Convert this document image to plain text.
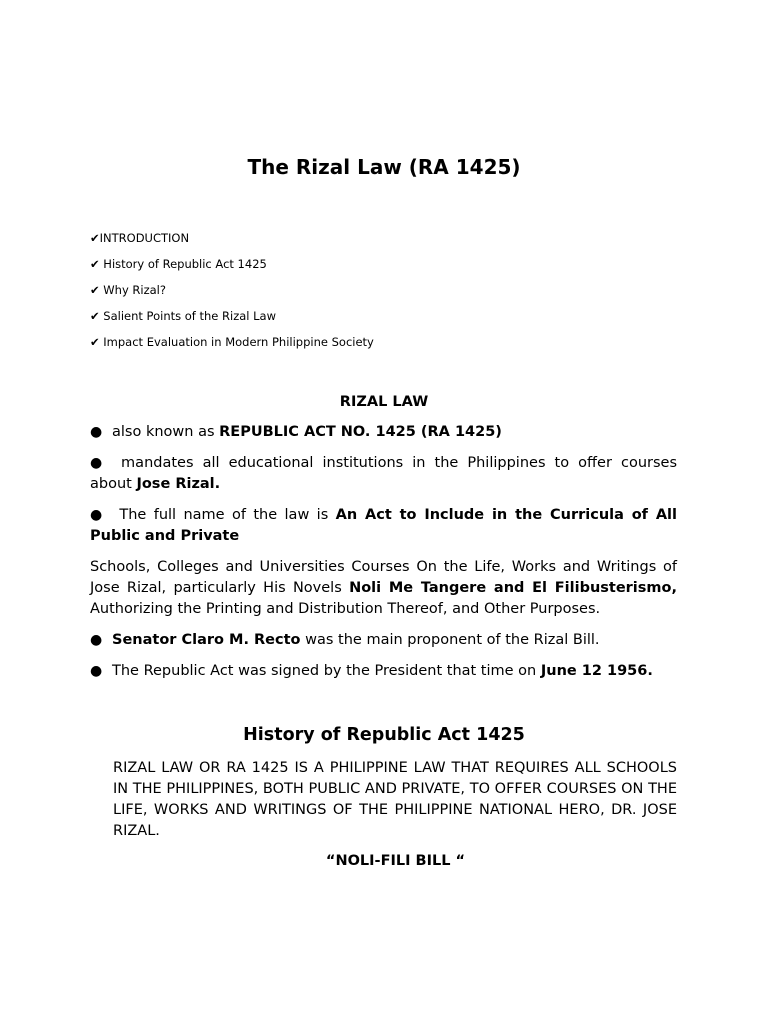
The Rizal Law (RA 1425)
✔INTRODUCTION
✔ History of Republic Act 1425
✔ Why Rizal?
✔ Salient Points of the Rizal Law
✔ Impact Evaluation in Modern Philippine Society
RIZAL LAW
● also known as REPUBLIC ACT NO. 1425 (RA 1425)
● mandates all educational institutions in the Philippines to offer courses about Jose Rizal.
● The full name of the law is An Act to Include in the Curricula of All Public and Private
Schools, Colleges and Universities Courses On the Life, Works and Writings of Jose Rizal, particularly His Novels Noli Me Tangere and El Filibusterismo, Authorizing the Printing and Distribution Thereof, and Other Purposes.
● Senator Claro M. Recto was the main proponent of the Rizal Bill.
● The Republic Act was signed by the President that time on June 12 1956.
History of Republic Act 1425
RIZAL LAW OR RA 1425 IS A PHILIPPINE LAW THAT REQUIRES ALL SCHOOLS IN THE PHILIPPINES, BOTH PUBLIC AND PRIVATE, TO OFFER COURSES ON THE LIFE, WORKS AND WRITINGS OF THE PHILIPPINE NATIONAL HERO, DR. JOSE RIZAL.
“NOLI-FILI BILL “
